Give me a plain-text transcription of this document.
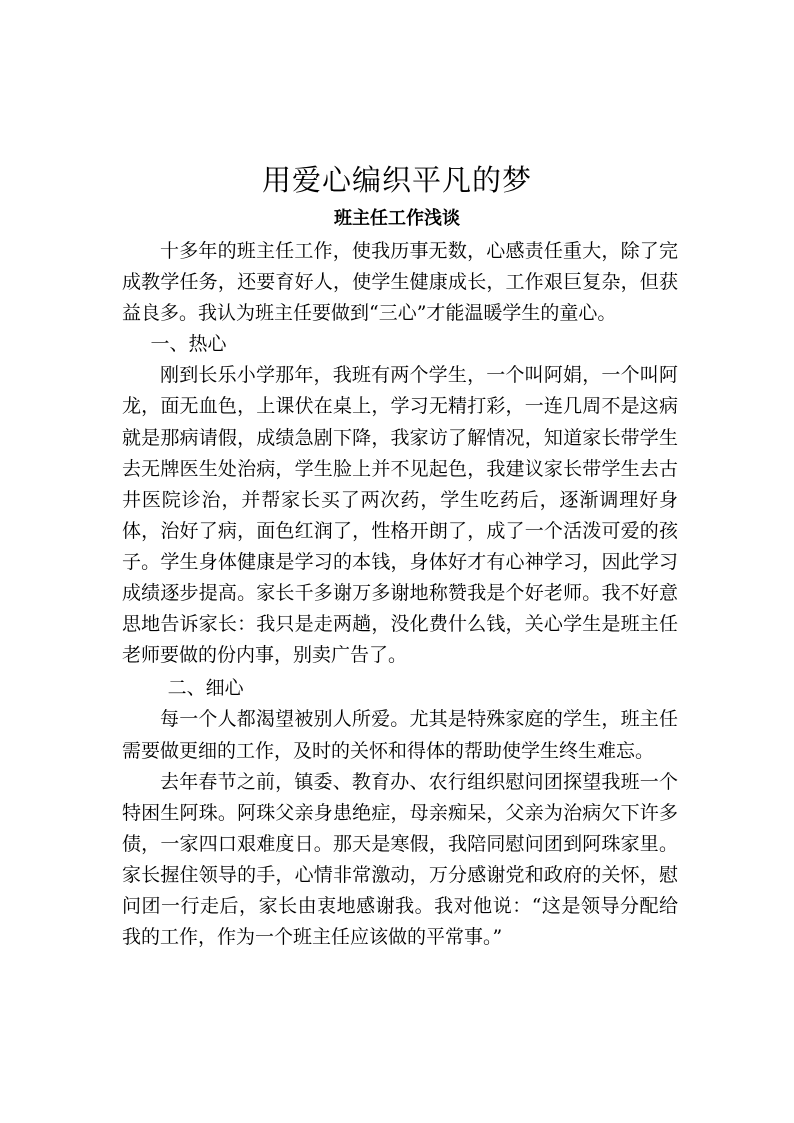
用爱心编织平凡的梦
班主任工作浅谈

十多年的班主任工作，使我历事无数，心感责任重大，除了完成教学任务，还要育好人，使学生健康成长，工作艰巨复杂，但获益良多。我认为班主任要做到“三心”才能温暖学生的童心。

一、热心

刚到长乐小学那年，我班有两个学生，一个叫阿娟，一个叫阿龙，面无血色，上课伏在桌上，学习无精打彩，一连几周不是这病就是那病请假，成绩急剧下降，我家访了解情况，知道家长带学生去无牌医生处治病，学生脸上并不见起色，我建议家长带学生去古井医院诊治，并帮家长买了两次药，学生吃药后，逐渐调理好身体，治好了病，面色红润了，性格开朗了，成了一个活泼可爱的孩子。学生身体健康是学习的本钱，身体好才有心神学习，因此学习成绩逐步提高。家长千多谢万多谢地称赞我是个好老师。我不好意思地告诉家长：我只是走两趟，没化费什么钱，关心学生是班主任老师要做的份内事，别卖广告了。

二、细心

每一个人都渴望被别人所爱。尤其是特殊家庭的学生，班主任需要做更细的工作，及时的关怀和得体的帮助使学生终生难忘。

去年春节之前，镇委、教育办、农行组织慰问团探望我班一个特困生阿珠。阿珠父亲身患绝症，母亲痴呆，父亲为治病欠下许多债，一家四口艰难度日。那天是寒假，我陪同慰问团到阿珠家里。家长握住领导的手，心情非常激动，万分感谢党和政府的关怀，慰问团一行走后，家长由衷地感谢我。我对他说：“这是领导分配给我的工作，作为一个班主任应该做的平常事。”
